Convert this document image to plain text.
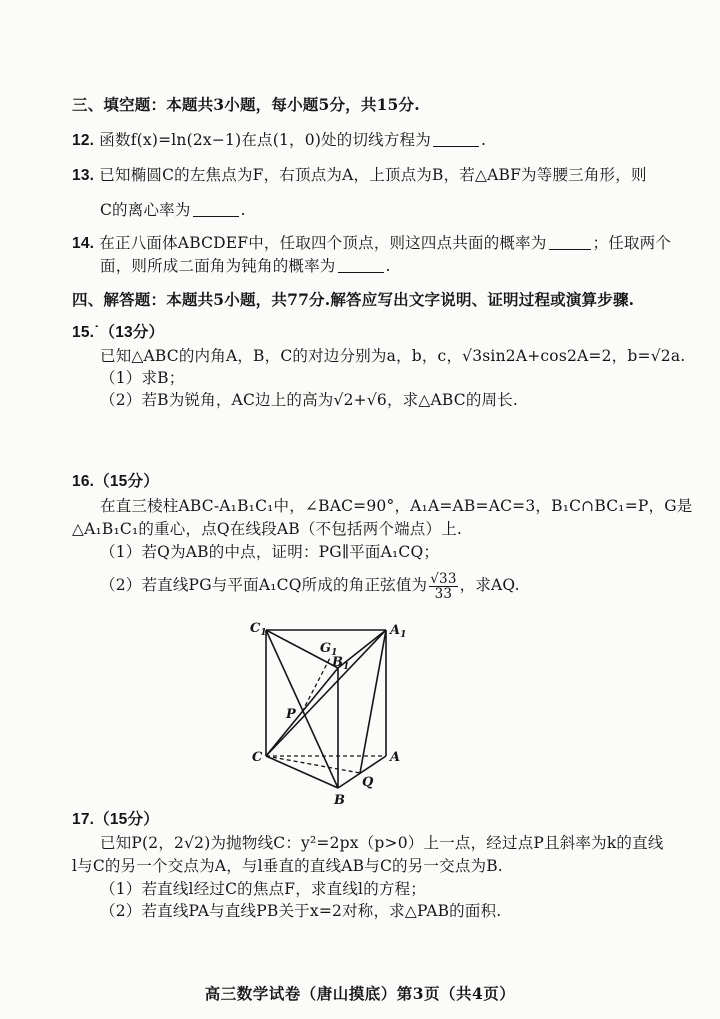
三、填空题：本题共3小题，每小题5分，共15分.
12. 函数f(x)=ln(2x−1)在点(1，0)处的切线方程为	.
13. 已知椭圆C的左焦点为F，右顶点为A，上顶点为B，若△ABF为等腰三角形，则
C的离心率为	.
14. 在正八面体ABCDEF中，任取四个顶点，则这四点共面的概率为	；任取两个
面，则所成二面角为钝角的概率为	.
四、解答题：本题共5小题，共77分.解答应写出文字说明、证明过程或演算步骤.
15.˙（13分）
已知△ABC的内角A，B，C的对边分别为a，b，c，√3sin2A+cos2A=2，b=√2a.
（1）求B；
（2）若B为锐角，AC边上的高为√2+√6，求△ABC的周长.
16.（15分）
在直三棱柱ABC-A₁B₁C₁中，∠BAC=90°，A₁A=AB=AC=3，B₁C∩BC₁=P，G是
△A₁B₁C₁的重心，点Q在线段AB（不包括两个端点）上.
（1）若Q为AB的中点，证明：PG∥平面A₁CQ；
（2）若直线PG与平面A₁CQ所成的角正弦值为 $\frac{√33}{33}$ ，求AQ.
$C_1$	$A_1$
$G_1$
$B_1$
P
C	A
Q
B
17.（15分）
已知P(2，2√2)为抛物线C：y²=2px（p>0）上一点，经过点P且斜率为k的直线
l与C的另一个交点为A，与l垂直的直线AB与C的另一交点为B.
（1）若直线l经过C的焦点F，求直线l的方程；
（2）若直线PA与直线PB关于x=2对称，求△PAB的面积.
高三数学试卷（唐山摸底）第3页（共4页）
